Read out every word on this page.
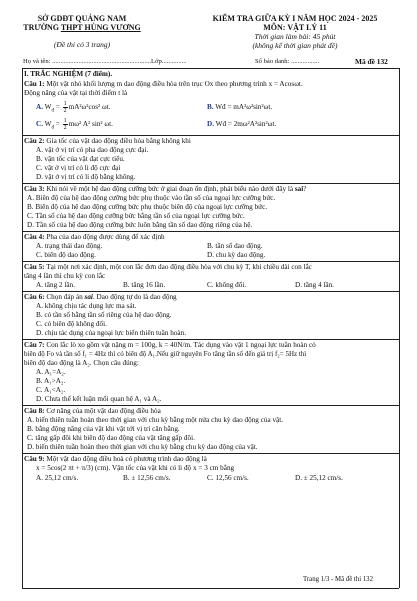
SỞ GDĐT QUẢNG NAM
TRƯỜNG THPT HÙNG VƯƠNG
(Đề thi có 3 trang)
KIỂM TRA GIỮA KỲ I NĂM HỌC 2024 - 2025
MÔN: VẬT LÝ 11
Thời gian làm bài: 45 phút
(không kể thời gian phát đề)
Họ và tên: ............................................................Lớp...............	Số báo danh: .................	Mã đề 132
I. TRẮC NGHIỆM (7 điểm).
Câu 1: Một vật nhỏ khối lượng m dao động điều hòa trên trục Ox theo phương trình x = Acosωt.
Động năng của vật tại thời điểm t là
A. $W_đ = \frac{1}{2} mA^2\omega^2\cos^2$ ωt.	B. Wđ = mA²ω²sin²ωt.
C. $W_đ = \frac{1}{2} m\omega^2$ A² sin² ωt.	D. Wđ = 2mω²A²sin²ωt.
Câu 2: Gia tốc của vật dao động điều hòa bằng không khi
A. vật ở vị trí có pha dao động cực đại.
B. vận tốc của vật đạt cực tiểu.
C. vật ở vị trí có li độ cực đại
D. vật ở vị trí có li độ bằng không.
Câu 3: Khi nói về một hệ dao động cưỡng bức ở giai đoạn ổn định, phát biểu nào dưới đây là sai?
A. Biên độ của hệ dao động cưỡng bức phụ thuộc vào tần số của ngoại lực cưỡng bức.
B. Biên độ của hệ dao động cưỡng bức phụ thuộc biên độ của ngoại lực cưỡng bức.
C. Tần số của hệ dao động cưỡng bức bằng tần số của ngoại lực cưỡng bức.
D. Tần số của hệ dao động cưỡng bức luôn bằng tần số dao động riêng của hệ.
Câu 4: Pha của dao động được dùng để xác định
A. trạng thái dao động.	B. tần số dao động.
C. biên độ dao động.	D. chu kỳ dao động.
Câu 5: Tại một nơi xác định, một con lắc đơn dao động điều hòa với chu kỳ T, khi chiều dài con lắc
tăng 4 lần thì chu kỳ con lắc
A. tăng 2 lần.	B. tăng 16 lần.	C. không đổi.	D. tăng 4 lần.
Câu 6: Chọn đáp án sai. Dao động tự do là dao động
A. không chịu tác dụng lực ma sát.
B. có tần số bằng tần số riêng của hệ dao động.
C. có biên độ không đổi.
D. chịu tác dụng của ngoại lực biến thiên tuần hoàn.
Câu 7: Con lắc lò xo gồm vật nặng m = 100g, k = 40N/m. Tác dụng vào vật 1 ngoại lực tuần hoàn có
biên độ Fo và tần số f₁ = 4Hz thì có biên độ A₁.Nếu giữ nguyên Fo tăng tần số đến giá trị f₂= 5Hz thì
biên độ dao động là A₂. Chọn câu đúng:
A. A₁=A₂.
B. A₁>A₂.
C. A₁<A₂.
D. Chưa thể kết luận mối quan hệ A₁ và A₂.
Câu 8: Cơ năng của một vật dao động điều hòa
A. biến thiên tuần hoàn theo thời gian với chu kỳ bằng một nửa chu kỳ dao động của vật.
B. bằng động năng của vật khi vật tới vị trí cân bằng.
C. tăng gấp đôi khi biên độ dao động của vật tăng gấp đôi.
D. biến thiên tuần hoàn theo thời gian với chu kỳ bằng chu kỳ dao động của vật.
Câu 9: Một vật dao động điều hoà có phương trình dao động là
x = 5cos(2 πt + π/3) (cm). Vận tốc của vật khi có li độ x = 3 cm bằng
A. 25,12 cm/s.	B. ± 12,56 cm/s.	C. 12,56 cm/s.	D. ± 25,12 cm/s.
Trang 1/3 - Mã đề thi 132
